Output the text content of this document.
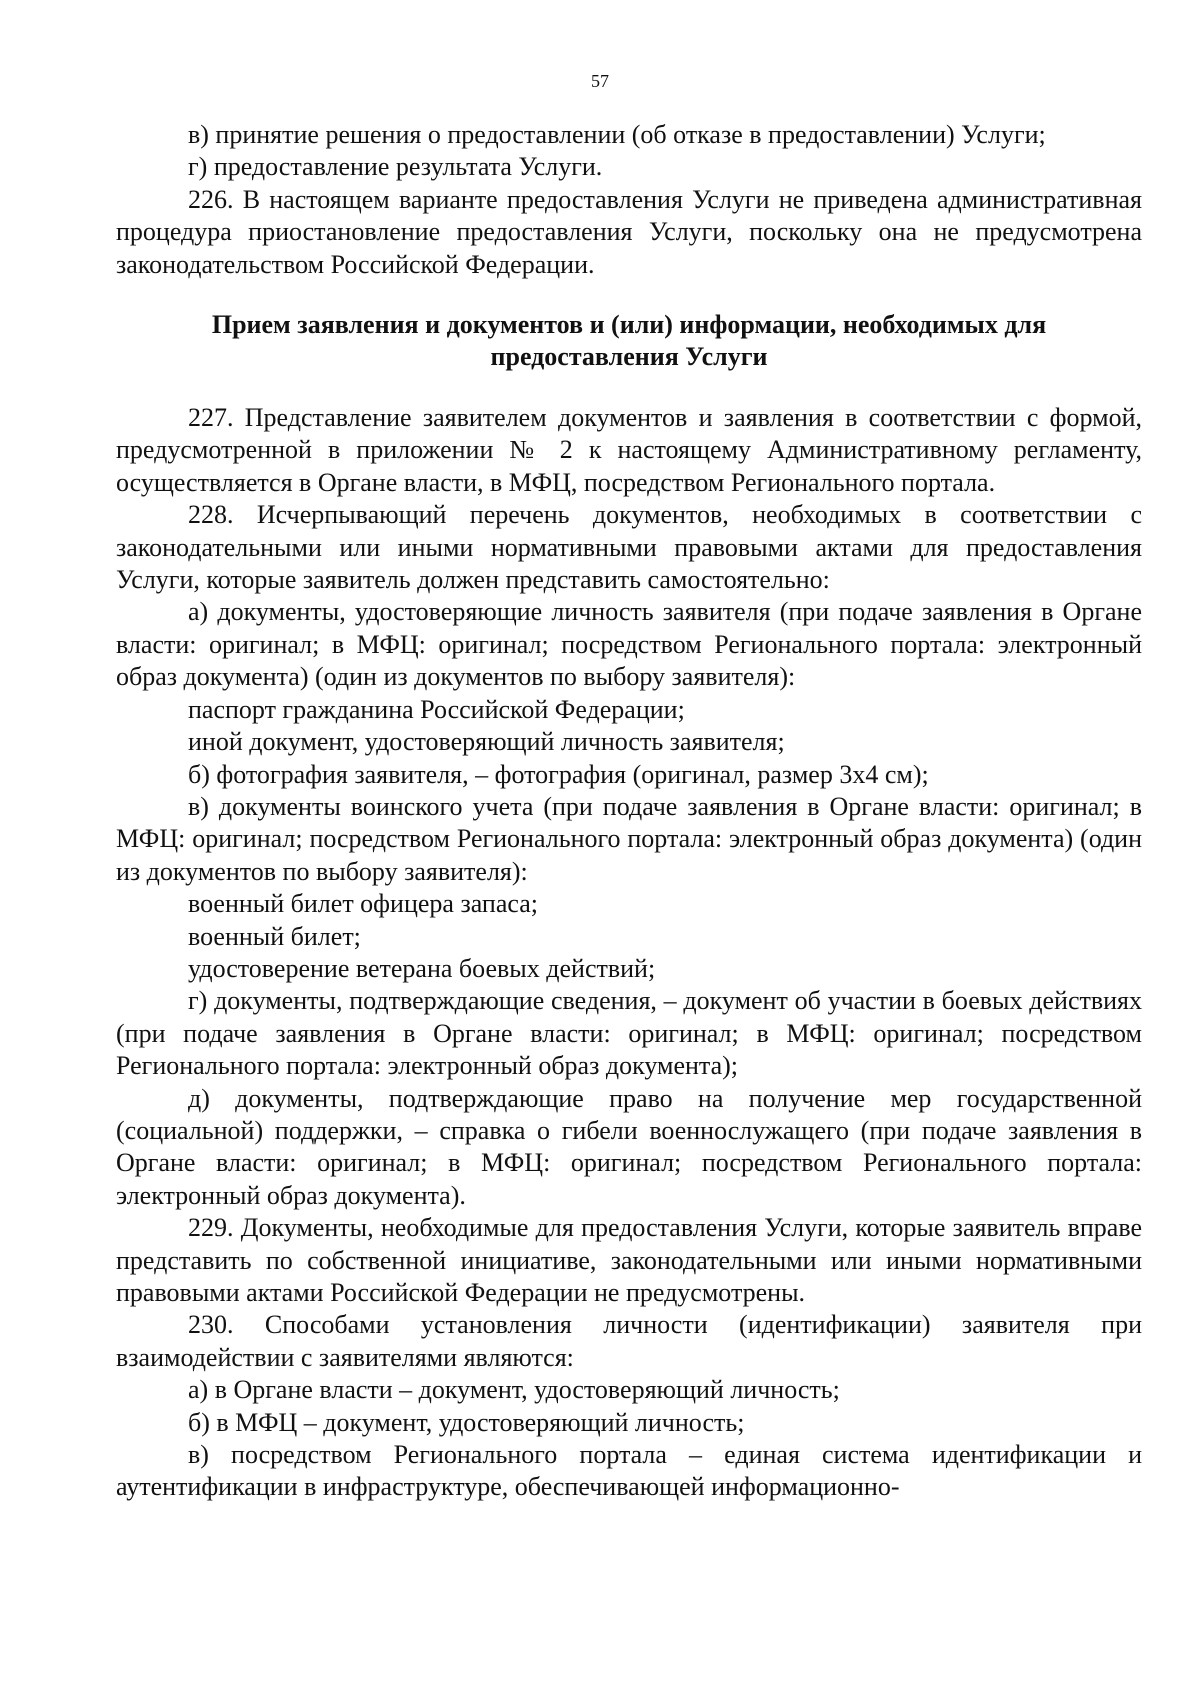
57

в) принятие решения о предоставлении (об отказе в предоставлении) Услуги;

г) предоставление результата Услуги.

226. В настоящем варианте предоставления Услуги не приведена административная процедура приостановление предоставления Услуги, поскольку она не предусмотрена законодательством Российской Федерации.

Прием заявления и документов и (или) информации, необходимых для
предоставления Услуги

227. Представление заявителем документов и заявления в соответствии с формой, предусмотренной в приложении № 2 к настоящему Административному регламенту, осуществляется в Органе власти, в МФЦ, посредством Регионального портала.

228. Исчерпывающий перечень документов, необходимых в соответствии с законодательными или иными нормативными правовыми актами для предоставления Услуги, которые заявитель должен представить самостоятельно:

а) документы, удостоверяющие личность заявителя (при подаче заявления в Органе власти: оригинал; в МФЦ: оригинал; посредством Регионального портала: электронный образ документа) (один из документов по выбору заявителя):

паспорт гражданина Российской Федерации;

иной документ, удостоверяющий личность заявителя;

б) фотография заявителя, – фотография (оригинал, размер 3х4 см);

в) документы воинского учета (при подаче заявления в Органе власти: оригинал; в МФЦ: оригинал; посредством Регионального портала: электронный образ документа) (один из документов по выбору заявителя):

военный билет офицера запаса;

военный билет;

удостоверение ветерана боевых действий;

г) документы, подтверждающие сведения, – документ об участии в боевых действиях (при подаче заявления в Органе власти: оригинал; в МФЦ: оригинал; посредством Регионального портала: электронный образ документа);

д) документы, подтверждающие право на получение мер государственной (социальной) поддержки, – справка о гибели военнослужащего (при подаче заявления в Органе власти: оригинал; в МФЦ: оригинал; посредством Регионального портала: электронный образ документа).

229. Документы, необходимые для предоставления Услуги, которые заявитель вправе представить по собственной инициативе, законодательными или иными нормативными правовыми актами Российской Федерации не предусмотрены.

230. Способами установления личности (идентификации) заявителя при взаимодействии с заявителями являются:

а) в Органе власти – документ, удостоверяющий личность;

б) в МФЦ – документ, удостоверяющий личность;

в) посредством Регионального портала – единая система идентификации и аутентификации в инфраструктуре, обеспечивающей информационно-
